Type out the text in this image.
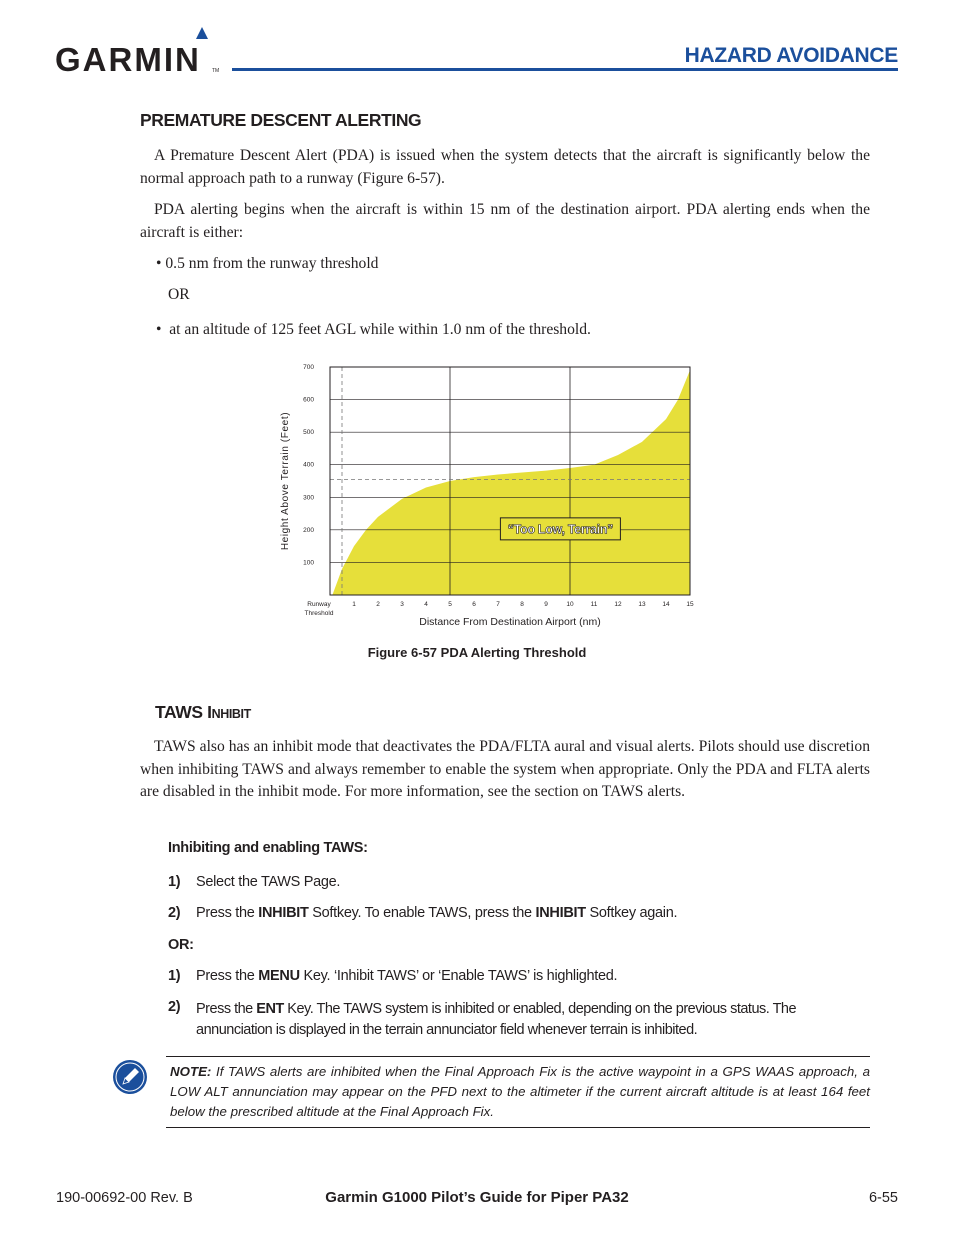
GARMIN TM
HAZARD AVOIDANCE
PREMATURE DESCENT ALERTING

A Premature Descent Alert (PDA) is issued when the system detects that the aircraft is significantly below the normal approach path to a runway (Figure 6-57).

PDA alerting begins when the aircraft is within 15 nm of the destination airport. PDA alerting ends when the aircraft is either:

• 0.5 nm from the runway threshold
OR
• at an altitude of 125 feet AGL while within 1.0 nm of the threshold.
100
200
300
400
500
600
700
1	2	3	4	5	6	7	8	9	10	11	12	13	14	15
Runway
Threshold
Distance From Destination Airport (nm)
Height Above Terrain (Feet)	“Too Low, Terrain”
Figure 6-57 PDA Alerting Threshold
TAWS INHIBIT

TAWS also has an inhibit mode that deactivates the PDA/FLTA aural and visual alerts. Pilots should use discretion when inhibiting TAWS and always remember to enable the system when appropriate. Only the PDA and FLTA alerts are disabled in the inhibit mode. For more information, see the section on TAWS alerts.

Inhibiting and enabling TAWS:
1) Select the TAWS Page.
2) Press the INHIBIT Softkey. To enable TAWS, press the INHIBIT Softkey again.
OR:
1) Press the MENU Key. ‘Inhibit TAWS’ or ‘Enable TAWS’ is highlighted.
2) Press the ENT Key. The TAWS system is inhibited or enabled, depending on the previous status. The annunciation is displayed in the terrain annunciator field whenever terrain is inhibited.
NOTE: If TAWS alerts are inhibited when the Final Approach Fix is the active waypoint in a GPS WAAS approach, a LOW ALT annunciation may appear on the PFD next to the altimeter if the current aircraft altitude is at least 164 feet below the prescribed altitude at the Final Approach Fix.
190-00692-00 Rev. B	Garmin G1000 Pilot’s Guide for Piper PA32	6-55
